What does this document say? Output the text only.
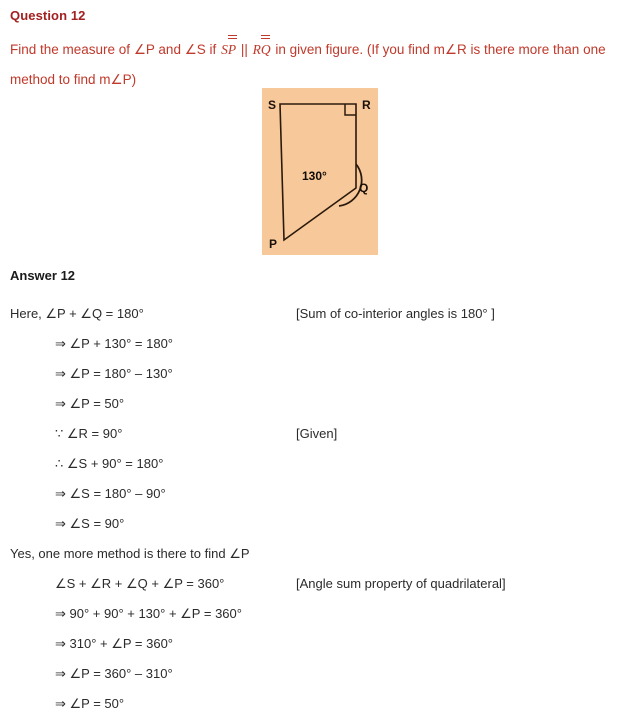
Question 12
Find the measure of ∠P and ∠S if SP
|| RQ
in given figure. (If you find m∠R is there more than one method to find m∠P)
S	R
Q
P
130°
Answer 12
Here, ∠P + ∠Q = 180°	[Sum of co-interior angles is 180° ]
⇒ ∠P + 130° = 180°
⇒ ∠P = 180° – 130°
⇒ ∠P = 50°
∵ ∠R = 90°	[Given]
∴ ∠S + 90° = 180°
⇒ ∠S = 180° – 90°
⇒ ∠S = 90°
Yes, one more method is there to find ∠P
∠S + ∠R + ∠Q + ∠P = 360°	[Angle sum property of quadrilateral]
⇒ 90° + 90° + 130° + ∠P = 360°
⇒ 310° + ∠P = 360°
⇒ ∠P = 360° – 310°
⇒ ∠P = 50°
